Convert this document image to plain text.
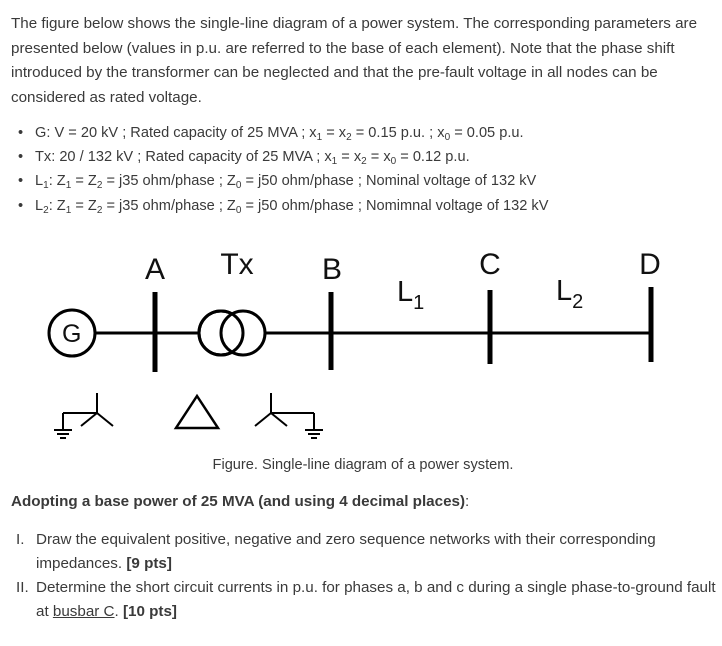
The figure below shows the single-line diagram of a power system. The corresponding parameters are presented below (values in p.u. are referred to the base of each element). Note that the phase shift introduced by the transformer can be neglected and that the pre-fault voltage in all nodes can be considered as rated voltage.

• G: V = 20 kV ; Rated capacity of 25 MVA ; $x_1 = x_2 = 0.15$ p.u. ; $x_0 = 0.05$ p.u.
• Tx: 20 / 132 kV ; Rated capacity of 25 MVA ; $x_1 = x_2 = x_0 = 0.12$ p.u.
• $L_1$: $Z_1 = Z_2 = j35$ ohm/phase ; $Z_0 = j50$ ohm/phase ; Nominal voltage of 132 kV
• $L_2$: $Z_1 = Z_2 = j35$ ohm/phase ; $Z_0 = j50$ ohm/phase ; Nomimnal voltage of 132 kV
G
A Tx B	C	D
$L_1$	$L_2$
Figure. Single-line diagram of a power system.

Adopting a base power of 25 MVA (and using 4 decimal places):

I. Draw the equivalent positive, negative and zero sequence networks with their corresponding impedances. [9 pts]
II. Determine the short circuit currents in p.u. for phases a, b and c during a single phase-to-ground fault at busbar C. [10 pts]
